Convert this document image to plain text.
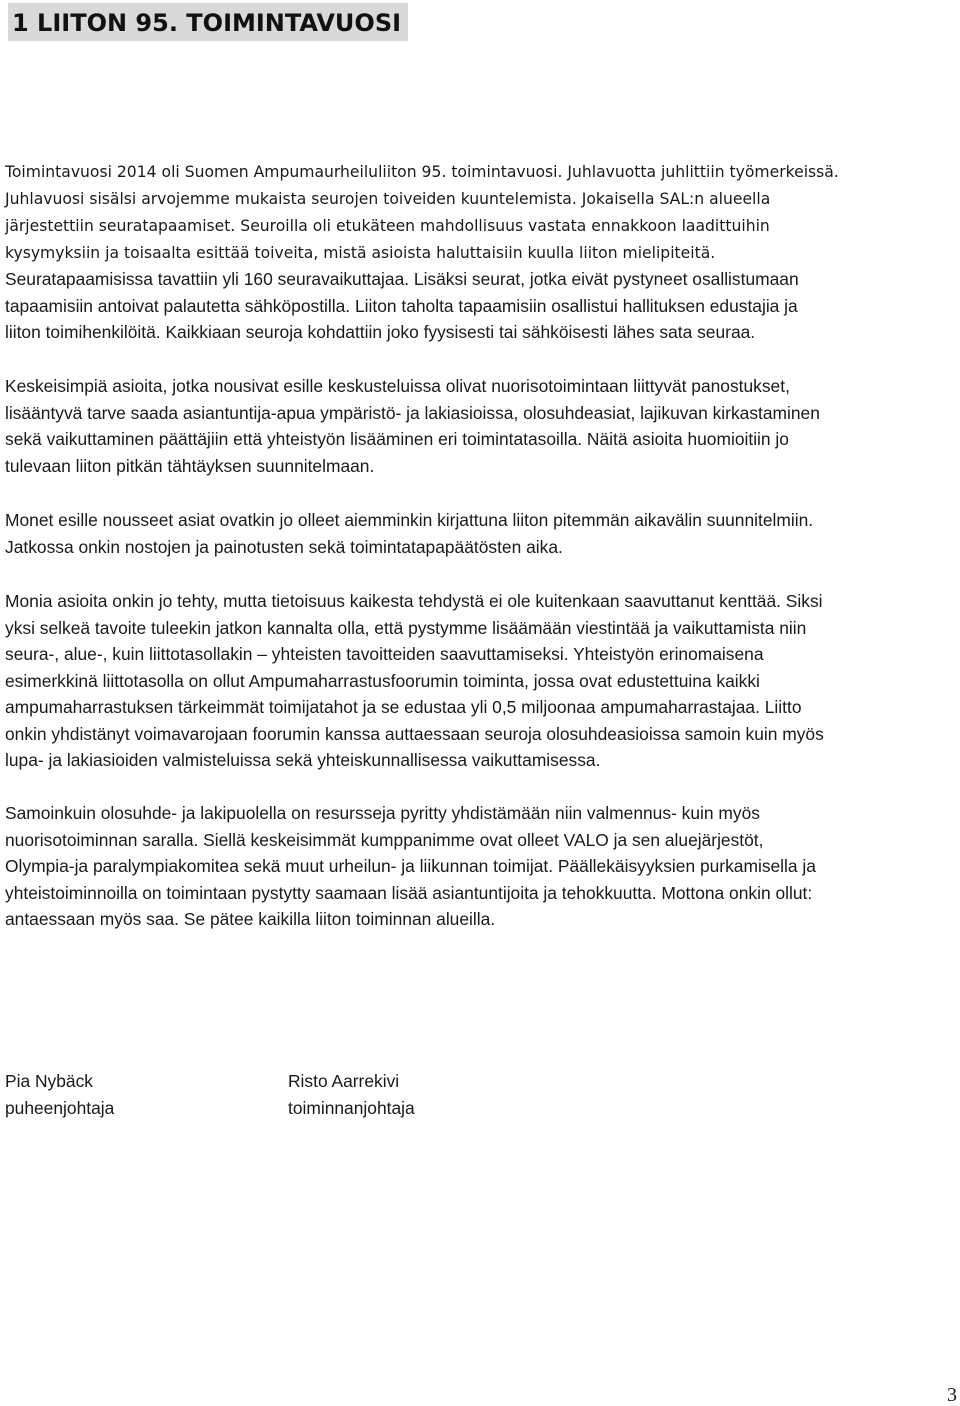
1 LIITON 95. TOIMINTAVUOSI
Toimintavuosi 2014 oli Suomen Ampumaurheiluliiton 95. toimintavuosi. Juhlavuotta juhlittiin työmerkeissä.
Juhlavuosi sisälsi arvojemme mukaista seurojen toiveiden kuuntelemista. Jokaisella SAL:n alueella
järjestettiin seuratapaamiset. Seuroilla oli etukäteen mahdollisuus vastata ennakkoon laadittuihin
kysymyksiin ja toisaalta esittää toiveita, mistä asioista haluttaisiin kuulla liiton mielipiteitä.
Seuratapaamisissa tavattiin yli 160 seuravaikuttajaa. Lisäksi seurat, jotka eivät pystyneet osallistumaan
tapaamisiin antoivat palautetta sähköpostilla. Liiton taholta tapaamisiin osallistui hallituksen edustajia ja
liiton toimihenkilöitä. Kaikkiaan seuroja kohdattiin joko fyysisesti tai sähköisesti lähes sata seuraa.
Keskeisimpiä asioita, jotka nousivat esille keskusteluissa olivat nuorisotoimintaan liittyvät panostukset,
lisääntyvä tarve saada asiantuntija-apua ympäristö- ja lakiasioissa, olosuhdeasiat, lajikuvan kirkastaminen
sekä vaikuttaminen päättäjiin että yhteistyön lisääminen eri toimintatasoilla. Näitä asioita huomioitiin jo
tulevaan liiton pitkän tähtäyksen suunnitelmaan.
Monet esille nousseet asiat ovatkin jo olleet aiemminkin kirjattuna liiton pitemmän aikavälin suunnitelmiin.
Jatkossa onkin nostojen ja painotusten sekä toimintatapapäätösten aika.
Monia asioita onkin jo tehty, mutta tietoisuus kaikesta tehdystä ei ole kuitenkaan saavuttanut kenttää. Siksi
yksi selkeä tavoite tuleekin jatkon kannalta olla, että pystymme lisäämään viestintää ja vaikuttamista niin
seura-, alue-, kuin liittotasollakin – yhteisten tavoitteiden saavuttamiseksi. Yhteistyön erinomaisena
esimerkkinä liittotasolla on ollut Ampumaharrastusfoorumin toiminta, jossa ovat edustettuina kaikki
ampumaharrastuksen tärkeimmät toimijatahot ja se edustaa yli 0,5 miljoonaa ampumaharrastajaa. Liitto
onkin yhdistänyt voimavarojaan foorumin kanssa auttaessaan seuroja olosuhdeasioissa samoin kuin myös
lupa- ja lakiasioiden valmisteluissa sekä yhteiskunnallisessa vaikuttamisessa.
Samoinkuin olosuhde- ja lakipuolella on resursseja pyritty yhdistämään niin valmennus- kuin myös
nuorisotoiminnan saralla. Siellä keskeisimmät kumppanimme ovat olleet VALO ja sen aluejärjestöt,
Olympia-ja paralympiakomitea sekä muut urheilun- ja liikunnan toimijat. Päällekäisyyksien purkamisella ja
yhteistoiminnoilla on toimintaan pystytty saamaan lisää asiantuntijoita ja tehokkuutta. Mottona onkin ollut:
antaessaan myös saa. Se pätee kaikilla liiton toiminnan alueilla.
Pia Nybäck
puheenjohtaja
Risto Aarrekivi
toiminnanjohtaja
3
